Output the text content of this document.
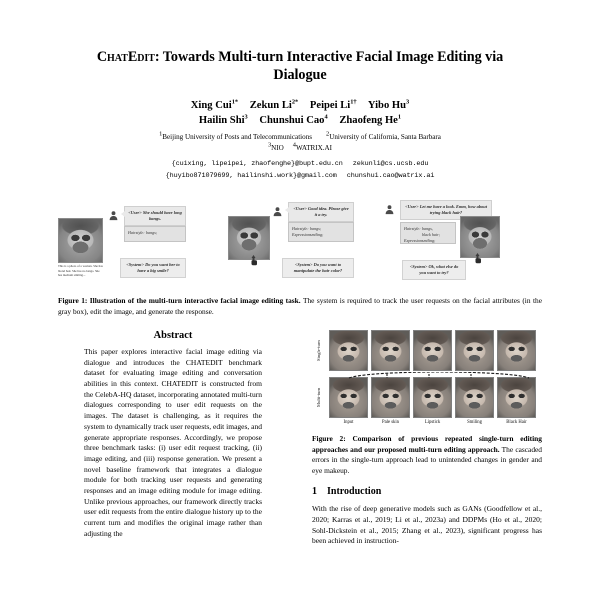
ChatEdit: Towards Multi-turn Interactive Facial Image Editing via
Dialogue
Xing Cui$^{1*}$ Zekun $Li^{2*}$ Peipei $Li^{1\dagger}$ Yibo Hu$^3$
Hailin Shi$^3$ Chunshui Cao$^4$ Zhaofeng He$^1$
$^1$Beijing University of Posts and Telecommunications $^2$University of California, Santa Barbara
$^3$NIO $^4$WATRIX.AI
{cuixing, lipeipei, zhaofenghe}@bupt.edu.cn zekunli@cs.ucsb.edu
{huyibo871079699, hailinshi.work}@gmail.com chunshui.cao@watrix.ai
This is a photo of a woman. She has blond hair. She has no bangs. She has medium smiling...
<User> She should have long bangs.
Hairstyle:bangs;
<System> Do you want her to have a big smile?
<User> Good idea. Please give it a try.
Hairstyle:bangs;
Expression:smiling;
<System> Do you want to manipulate the hair color?
<User> Let me have a look. Emm, how about trying black hair?
Hairstyle:bangs,
black hair;
Expression:smiling;
<System> Ok, what else do you want to try?
Figure 1: Illustration of the multi-turn interactive facial image editing task. The system is required to track the user requests on the facial attributes (in the gray box), edit the image, and generate the response.
Abstract
This paper explores interactive facial image editing via dialogue and introduces the CHATEDIT benchmark dataset for evaluating image editing and conversation abilities in this context. CHATEDIT is constructed from the CelebA-HQ dataset, incorporating annotated multi-turn dialogues corresponding to user edit requests on the images. The dataset is challenging, as it requires the system to dynamically track user requests, edit images, and generate appropriate responses. Accordingly, we propose three benchmark tasks: (i) user edit request tracking, (ii) image editing, and (iii) response generation. We present a novel baseline framework that integrates a dialogue module for both tracking user requests and generating responses and an image editing module for image editing. Unlike previous approaches, our framework directly tracks user edit requests from the entire dialogue history up to the current turn and modifies the original image rather than adjusting the
Single-turn
Multi-turn
Input	Pale skin	Lipstick	Smiling	Black Hair
Figure 2: Comparison of previous repeated single-turn editing approaches and our proposed multi-turn editing approach. The cascaded errors in the single-turn approach lead to unintended changes in gender and eye makeup.
1 Introduction
With the rise of deep generative models such as GANs (Goodfellow et al., 2020; Karras et al., 2019; Li et al., 2023a) and DDPMs (Ho et al., 2020; Sohl-Dickstein et al., 2015; Zhang et al., 2023), significant progress has been achieved in instruction-
